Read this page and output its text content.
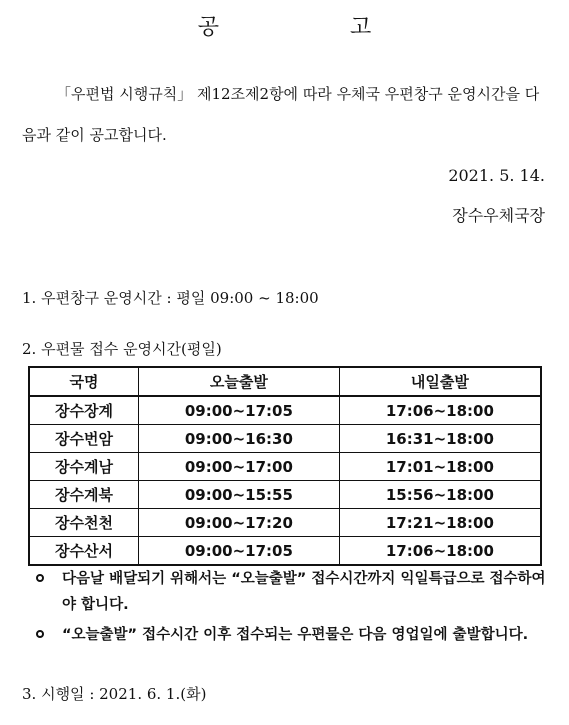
공 고
「우편법 시행규칙」 제12조제2항에 따라 우체국 우편창구 운영시간을 다음과 같이 공고합니다.
2021. 5. 14.
장수우체국장
1. 우편창구 운영시간 : 평일 09:00 ~ 18:00
2. 우편물 접수 운영시간(평일)
국명	오늘출발	내일출발
장수장계	09:00~17:05	17:06~18:00
장수번암	09:00~16:30	16:31~18:00
장수계남	09:00~17:00	17:01~18:00
장수계북	09:00~15:55	15:56~18:00
장수천천	09:00~17:20	17:21~18:00
장수산서	09:00~17:05	17:06~18:00
다음날 배달되기 위해서는 “오늘출발” 접수시간까지 익일특급으로 접수하여야 합니다.
“오늘출발” 접수시간 이후 접수되는 우편물은 다음 영업일에 출발합니다.
3. 시행일 : 2021. 6. 1.(화)
